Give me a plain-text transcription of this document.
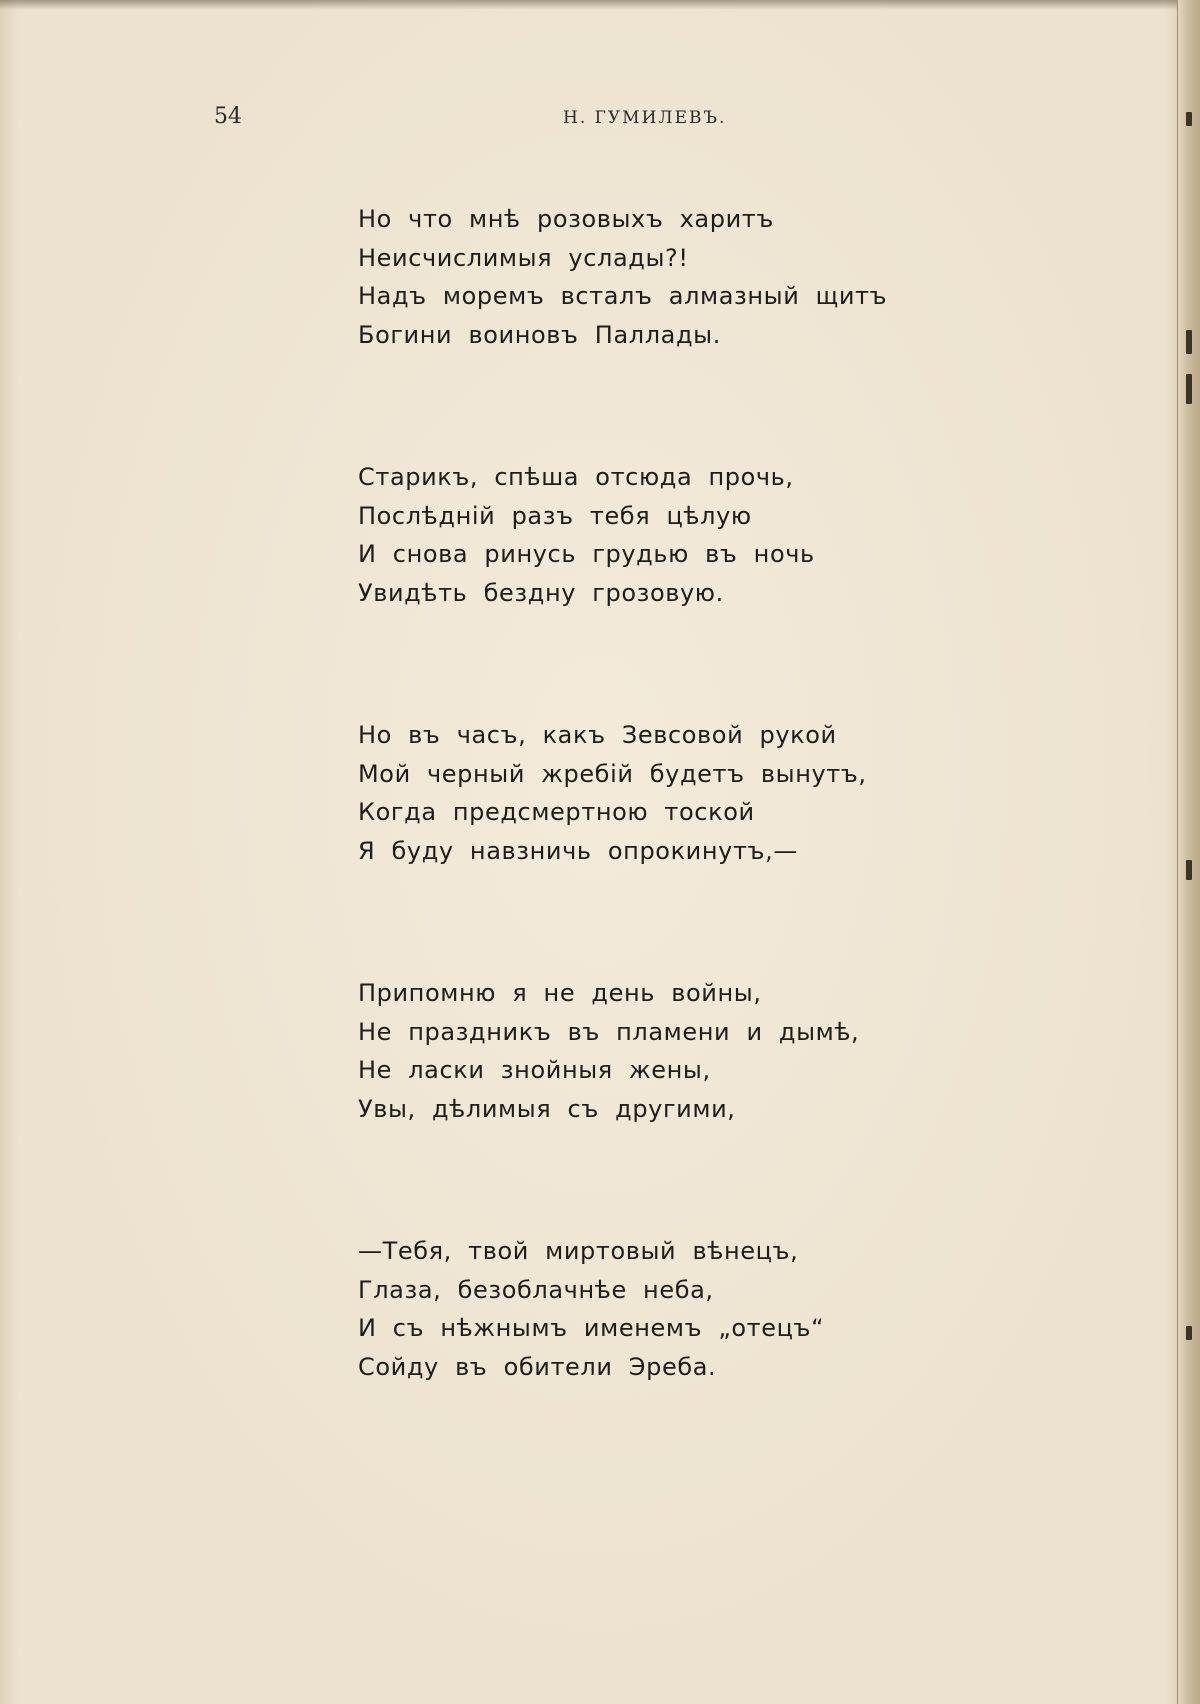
54	Н. ГУМИЛЕВЪ.
Но что мнѣ розовыхъ харитъ
Неисчислимыя услады?!
Надъ моремъ всталъ алмазный щитъ
Богини воиновъ Паллады.
Старикъ, спѣша отсюда прочь,
Послѣднiй разъ тебя цѣлую
И снова ринусь грудью въ ночь
Увидѣть бездну грозовую.
Но въ часъ, какъ Зевсовой рукой
Мой черный жребiй будетъ вынутъ,
Когда предсмертною тоской
Я буду навзничь опрокинутъ,—
Припомню я не день войны,
Не праздникъ въ пламени и дымѣ,
Не ласки знойныя жены,
Увы, дѣлимыя съ другими,
—Тебя, твой миртовый вѣнецъ,
Глаза, безоблачнѣе неба,
И съ нѣжнымъ именемъ „отецъ“
Сойду въ обители Эреба.
